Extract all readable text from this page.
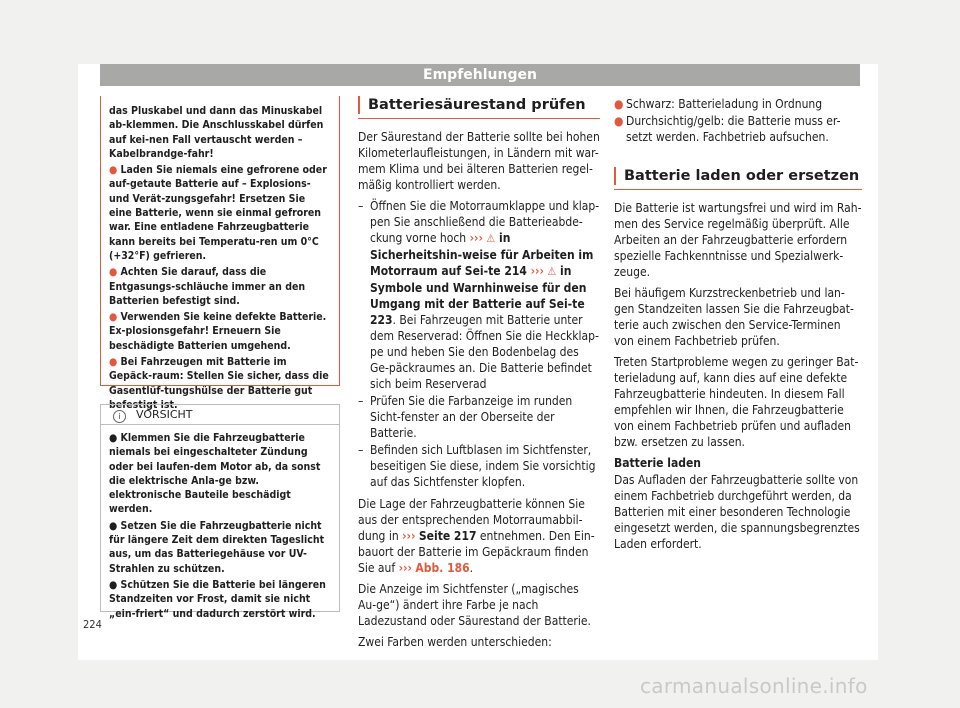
Empfehlungen

das Pluskabel und dann das Minuskabel ab-klemmen. Die Anschlusskabel dürfen auf kei-nen Fall vertauscht werden – Kabelbrandge-fahr!

● Laden Sie niemals eine gefrorene oder auf-getaute Batterie auf – Explosions- und Verät-zungsgefahr! Ersetzen Sie eine Batterie, wenn sie einmal gefroren war. Eine entladene Fahrzeugbatterie kann bereits bei Temperatu-ren um 0°C (+32°F) gefrieren.

● Achten Sie darauf, dass die Entgasungs-schläuche immer an den Batterien befestigt sind.

● Verwenden Sie keine defekte Batterie. Ex-plosionsgefahr! Erneuern Sie beschädigte Batterien umgehend.

● Bei Fahrzeugen mit Batterie im Gepäck-raum: Stellen Sie sicher, dass die Gasentlüf-tungshülse der Batterie gut befestigt ist.

i VORSICHT

● Klemmen Sie die Fahrzeugbatterie niemals bei eingeschalteter Zündung oder bei laufen-dem Motor ab, da sonst die elektrische Anla-ge bzw. elektronische Bauteile beschädigt werden.

● Setzen Sie die Fahrzeugbatterie nicht für längere Zeit dem direkten Tageslicht aus, um das Batteriegehäuse vor UV-Strahlen zu schützen.

● Schützen Sie die Batterie bei längeren Standzeiten vor Frost, damit sie nicht „ein-friert“ und dadurch zerstört wird.

Batteriesäurestand prüfen

Der Säurestand der Batterie sollte bei hohen Kilometerlaufleistungen, in Ländern mit war-mem Klima und bei älteren Batterien regel-mäßig kontrolliert werden.

– Öffnen Sie die Motorraumklappe und klap-pen Sie anschließend die Batterieabde-ckung vorne hoch ››› ⚠ in Sicherheitshin-weise für Arbeiten im Motorraum auf Sei-te 214 ››› ⚠ in Symbole und Warnhinweise für den Umgang mit der Batterie auf Sei-te 223. Bei Fahrzeugen mit Batterie unter dem Reserverad: Öffnen Sie die Heckklap-pe und heben Sie den Bodenbelag des Ge-päckraumes an. Die Batterie befindet sich beim Reserverad
– Prüfen Sie die Farbanzeige im runden Sicht-fenster an der Oberseite der Batterie.
– Befinden sich Luftblasen im Sichtfenster, beseitigen Sie diese, indem Sie vorsichtig auf das Sichtfenster klopfen.

Die Lage der Fahrzeugbatterie können Sie aus der entsprechenden Motorraumabbil-dung in ››› Seite 217 entnehmen. Den Ein-bauort der Batterie im Gepäckraum finden Sie auf ››› Abb. 186.

Die Anzeige im Sichtfenster („magisches Au-ge“) ändert ihre Farbe je nach Ladezustand oder Säurestand der Batterie.

Zwei Farben werden unterschieden:

● Schwarz: Batterieladung in Ordnung
● Durchsichtig/gelb: die Batterie muss er-setzt werden. Fachbetrieb aufsuchen.
Batterie laden oder ersetzen

Die Batterie ist wartungsfrei und wird im Rah-men des Service regelmäßig überprüft. Alle Arbeiten an der Fahrzeugbatterie erfordern spezielle Fachkenntnisse und Spezialwerk-zeuge.

Bei häufigem Kurzstreckenbetrieb und lan-gen Standzeiten lassen Sie die Fahrzeugbat-terie auch zwischen den Service-Terminen von einem Fachbetrieb prüfen.

Treten Startprobleme wegen zu geringer Bat-terieladung auf, kann dies auf eine defekte Fahrzeugbatterie hindeuten. In diesem Fall empfehlen wir Ihnen, die Fahrzeugbatterie von einem Fachbetrieb prüfen und aufladen bzw. ersetzen zu lassen.

Batterie laden

Das Aufladen der Fahrzeugbatterie sollte von einem Fachbetrieb durchgeführt werden, da Batterien mit einer besonderen Technologie eingesetzt werden, die spannungsbegrenztes Laden erfordert.

224
carmanualsonline.info
